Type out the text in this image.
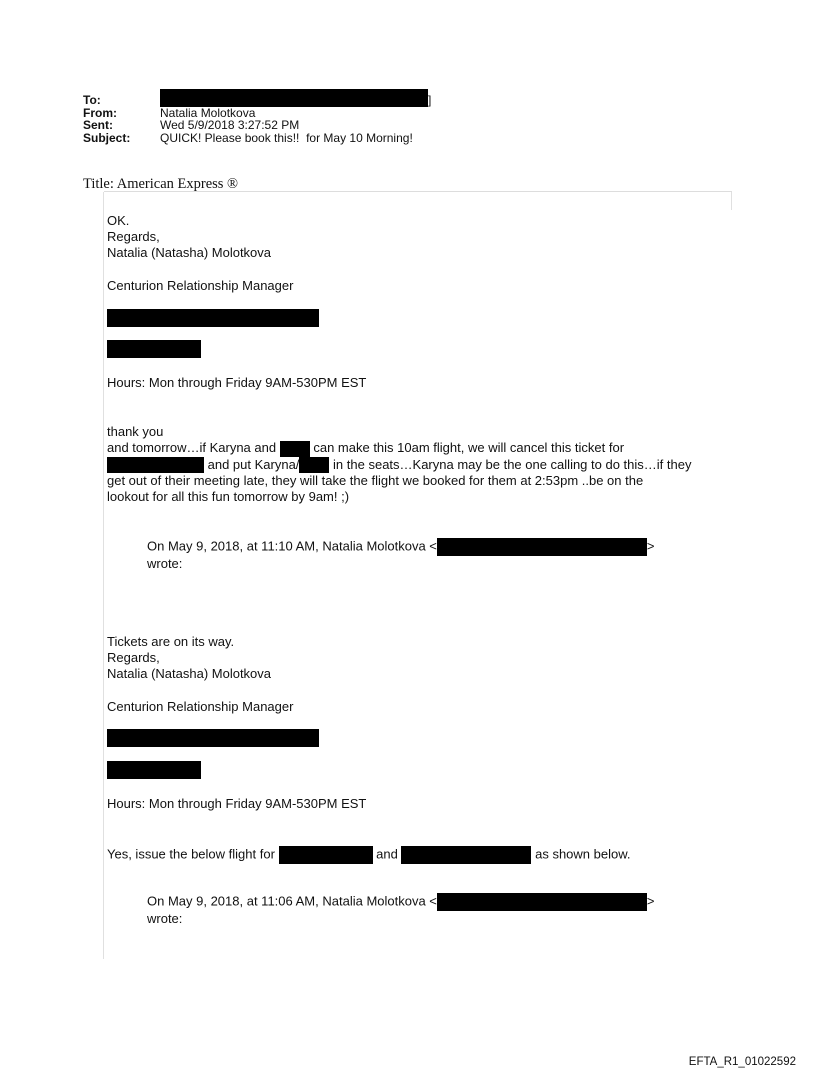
To:	]
From:	Natalia Molotkova
Sent:	Wed 5/9/2018 3:27:52 PM
Subject:	QUICK! Please book this!!  for May 10 Morning!
Title: American Express ®

OK.

Regards,

Natalia (Natasha) Molotkova

Centurion Relationship Manager
Hours: Mon through Friday 9AM-530PM EST

thank you

and tomorrow…if Karyna and	can make this 10am flight, we will cancel this ticket for

and put Karyna/	in the seats…Karyna may be the one calling to do this…if they

get out of their meeting late, they will take the flight we booked for them at 2:53pm ..be on the

lookout for all this fun tomorrow by 9am! ;)

On May 9, 2018, at 11:10 AM, Natalia Molotkova <	>

wrote:

Tickets are on its way.

Regards,

Natalia (Natasha) Molotkova

Centurion Relationship Manager
Hours: Mon through Friday 9AM-530PM EST
Yes, issue the below flight for	and	as shown below.

On May 9, 2018, at 11:06 AM, Natalia Molotkova <	>

wrote:

EFTA_R1_01022592
